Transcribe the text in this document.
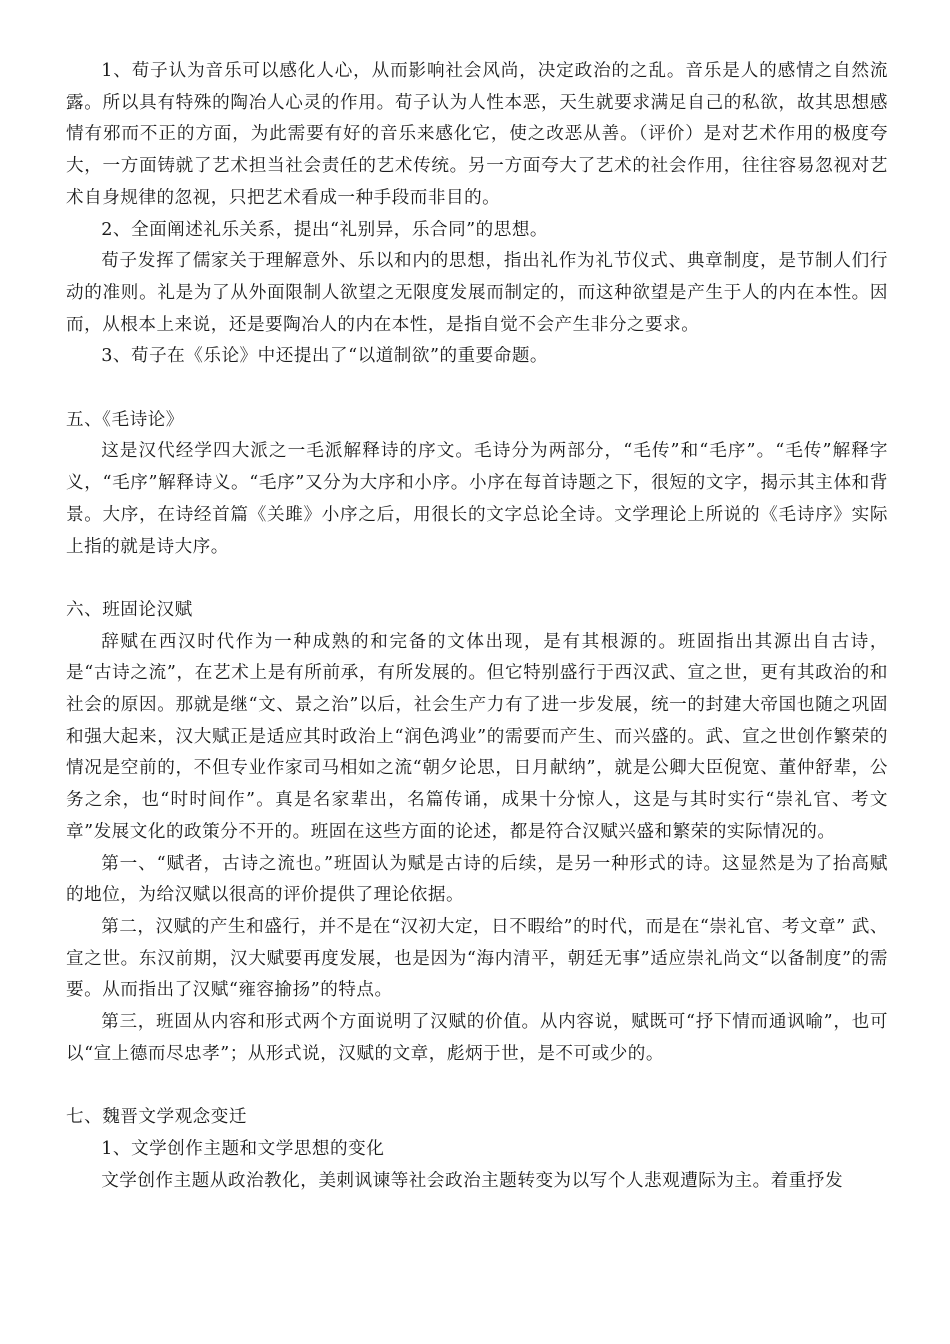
1、荀子认为音乐可以感化人心，从而影响社会风尚，决定政治的之乱。音乐是人的感情之自然流露。所以具有特殊的陶冶人心灵的作用。荀子认为人性本恶，天生就要求满足自己的私欲，故其思想感情有邪而不正的方面，为此需要有好的音乐来感化它，使之改恶从善。（评价）是对艺术作用的极度夸大，一方面铸就了艺术担当社会责任的艺术传统。另一方面夸大了艺术的社会作用，往往容易忽视对艺术自身规律的忽视，只把艺术看成一种手段而非目的。

2、全面阐述礼乐关系，提出“礼别异，乐合同”的思想。

荀子发挥了儒家关于理解意外、乐以和内的思想，指出礼作为礼节仪式、典章制度，是节制人们行动的准则。礼是为了从外面限制人欲望之无限度发展而制定的，而这种欲望是产生于人的内在本性。因而，从根本上来说，还是要陶冶人的内在本性，是指自觉不会产生非分之要求。

3、荀子在《乐论》中还提出了“以道制欲”的重要命题。

五、《毛诗论》

这是汉代经学四大派之一毛派解释诗的序文。毛诗分为两部分，“毛传”和“毛序”。“毛传”解释字义，“毛序”解释诗义。“毛序”又分为大序和小序。小序在每首诗题之下，很短的文字，揭示其主体和背景。大序，在诗经首篇《关雎》小序之后，用很长的文字总论全诗。文学理论上所说的《毛诗序》实际上指的就是诗大序。

六、班固论汉赋

辞赋在西汉时代作为一种成熟的和完备的文体出现，是有其根源的。班固指出其源出自古诗，是“古诗之流”，在艺术上是有所前承，有所发展的。但它特别盛行于西汉武、宣之世，更有其政治的和社会的原因。那就是继“文、景之治”以后，社会生产力有了进一步发展，统一的封建大帝国也随之巩固和强大起来，汉大赋正是适应其时政治上“润色鸿业”的需要而产生、而兴盛的。武、宣之世创作繁荣的情况是空前的，不但专业作家司马相如之流“朝夕论思，日月献纳”，就是公卿大臣倪宽、董仲舒辈，公务之余，也“时时间作”。真是名家辈出，名篇传诵，成果十分惊人，这是与其时实行“崇礼官、考文章”发展文化的政策分不开的。班固在这些方面的论述，都是符合汉赋兴盛和繁荣的实际情况的。

第一、“赋者，古诗之流也。”班固认为赋是古诗的后续，是另一种形式的诗。这显然是为了抬高赋的地位，为给汉赋以很高的评价提供了理论依据。

第二，汉赋的产生和盛行，并不是在“汉初大定，日不暇给”的时代，而是在“崇礼官、考文章” 武、宣之世。东汉前期，汉大赋要再度发展，也是因为“海内清平，朝廷无事”适应崇礼尚文“以备制度”的需要。从而指出了汉赋“雍容揄扬”的特点。

第三，班固从内容和形式两个方面说明了汉赋的价值。从内容说，赋既可“抒下情而通讽喻”，也可以“宣上德而尽忠孝”；从形式说，汉赋的文章，彪炳于世，是不可或少的。

七、魏晋文学观念变迁

1、文学创作主题和文学思想的变化

文学创作主题从政治教化，美刺讽谏等社会政治主题转变为以写个人悲观遭际为主。着重抒发
